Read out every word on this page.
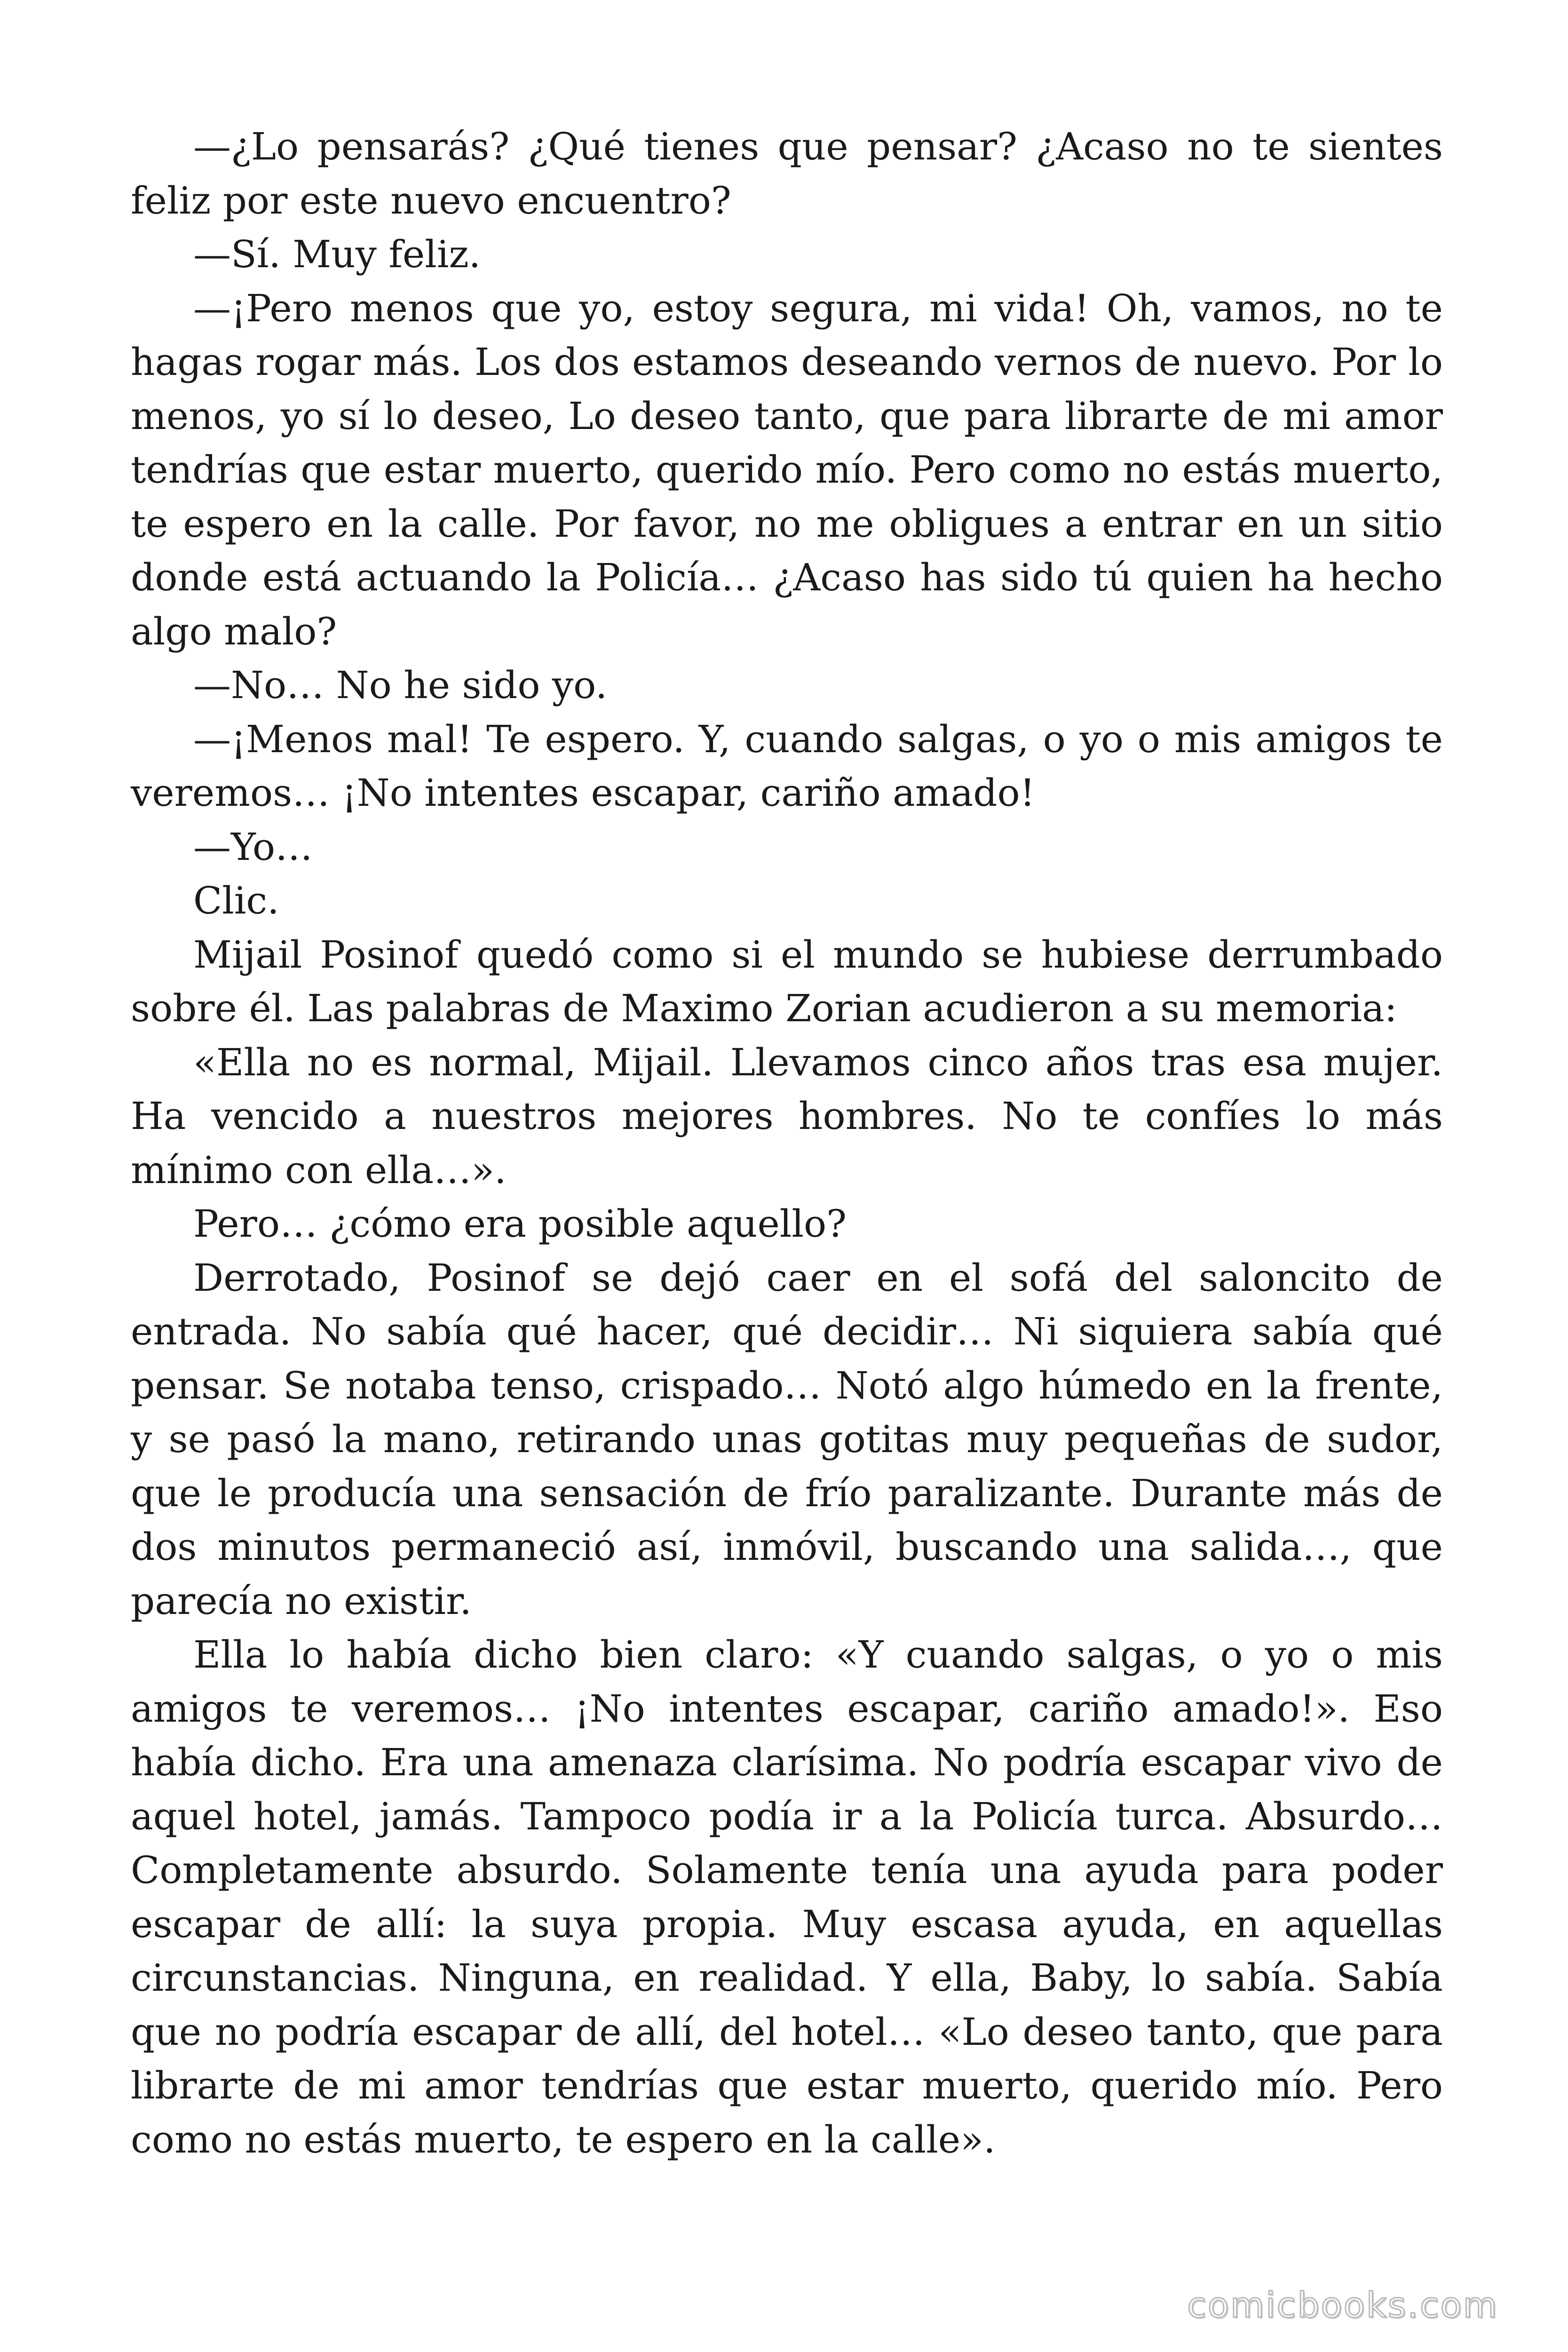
—¿Lo pensarás? ¿Qué tienes que pensar? ¿Acaso no te sientes feliz por este nuevo encuentro?

—Sí. Muy feliz.

—¡Pero menos que yo, estoy segura, mi vida! Oh, vamos, no te hagas rogar más. Los dos estamos deseando vernos de nuevo. Por lo menos, yo sí lo deseo, Lo deseo tanto, que para librarte de mi amor tendrías que estar muerto, querido mío. Pero como no estás muerto, te espero en la calle. Por favor, no me obligues a entrar en un sitio donde está actuando la Policía… ¿Acaso has sido tú quien ha hecho algo malo?

—No… No he sido yo.

—¡Menos mal! Te espero. Y, cuando salgas, o yo o mis amigos te veremos… ¡No intentes escapar, cariño amado!

—Yo…

Clic.

Mijail Posinof quedó como si el mundo se hubiese derrumbado sobre él. Las palabras de Maximo Zorian acudieron a su memoria:

«Ella no es normal, Mijail. Llevamos cinco años tras esa mujer. Ha vencido a nuestros mejores hombres. No te confíes lo más mínimo con ella…».

Pero… ¿cómo era posible aquello?

Derrotado, Posinof se dejó caer en el sofá del saloncito de entrada. No sabía qué hacer, qué decidir… Ni siquiera sabía qué pensar. Se notaba tenso, crispado… Notó algo húmedo en la frente, y se pasó la mano, retirando unas gotitas muy pequeñas de sudor, que le producía una sensación de frío paralizante. Durante más de dos minutos permaneció así, inmóvil, buscando una salida…, que parecía no existir.

Ella lo había dicho bien claro: «Y cuando salgas, o yo o mis amigos te veremos… ¡No intentes escapar, cariño amado!». Eso había dicho. Era una amenaza clarísima. No podría escapar vivo de aquel hotel, jamás. Tampoco podía ir a la Policía turca. Absurdo… Completamente absurdo. Solamente tenía una ayuda para poder escapar de allí: la suya propia. Muy escasa ayuda, en aquellas circunstancias. Ninguna, en realidad. Y ella, Baby, lo sabía. Sabía que no podría escapar de allí, del hotel… «Lo deseo tanto, que para librarte de mi amor tendrías que estar muerto, querido mío. Pero como no estás muerto, te espero en la calle».

comicbooks.com
